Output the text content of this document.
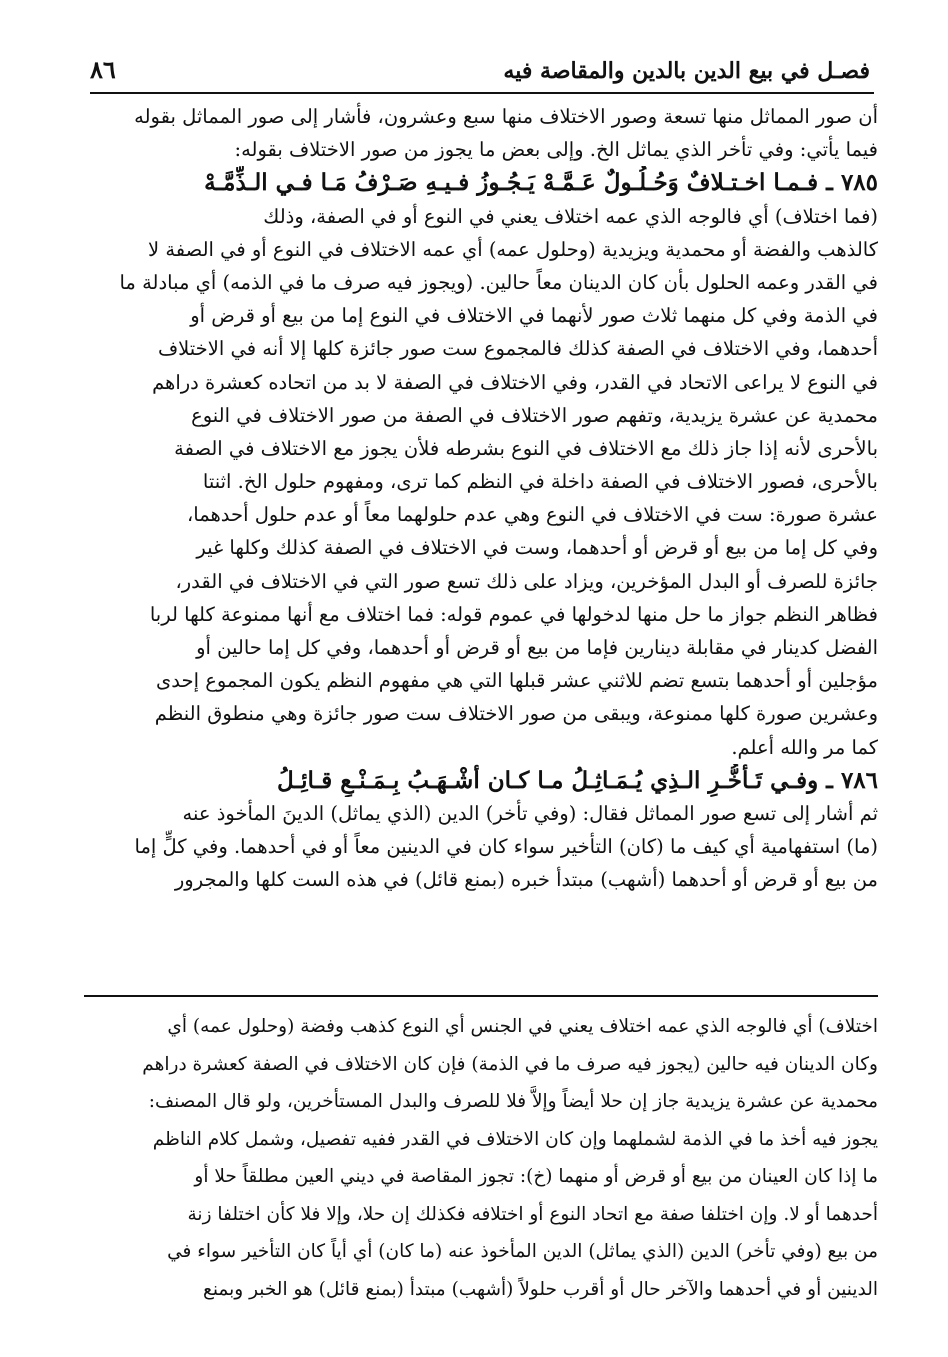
فصـل في بيع الدين بالدين والمقاصة فيه
٨٦
أن صور المماثل منها تسعة وصور الاختلاف منها سبع وعشرون، فأشار إلى صور المماثل بقوله
فيما يأتي: وفي تأخر الذي يماثل الخ. وإلى بعض ما يجوز من صور الاختلاف بقوله:
٧٨٥ ـ فـمـا اخـتـلافٌ وَحُـلُـولٌ عَـمَّـهْ يَـجُـوزُ فـيـهِ صَـرْفُ مَـا فـي الـذِّمَّـهْ
(فما اختلاف) أي فالوجه الذي عمه اختلاف يعني في النوع أو في الصفة، وذلك
كالذهب والفضة أو محمدية ويزيدية (وحلول عمه) أي عمه الاختلاف في النوع أو في الصفة لا
في القدر وعمه الحلول بأن كان الدينان معاً حالين. (ويجوز فيه صرف ما في الذمه) أي مبادلة ما
في الذمة وفي كل منهما ثلاث صور لأنهما في الاختلاف في النوع إما من بيع أو قرض أو
أحدهما، وفي الاختلاف في الصفة كذلك فالمجموع ست صور جائزة كلها إلا أنه في الاختلاف
في النوع لا يراعى الاتحاد في القدر، وفي الاختلاف في الصفة لا بد من اتحاده كعشرة دراهم
محمدية عن عشرة يزيدية، وتفهم صور الاختلاف في الصفة من صور الاختلاف في النوع
بالأحرى لأنه إذا جاز ذلك مع الاختلاف في النوع بشرطه فلأن يجوز مع الاختلاف في الصفة
بالأحرى، فصور الاختلاف في الصفة داخلة في النظم كما ترى، ومفهوم حلول الخ. اثنتا
عشرة صورة: ست في الاختلاف في النوع وهي عدم حلولهما معاً أو عدم حلول أحدهما،
وفي كل إما من بيع أو قرض أو أحدهما، وست في الاختلاف في الصفة كذلك وكلها غير
جائزة للصرف أو البدل المؤخرين، ويزاد على ذلك تسع صور التي في الاختلاف في القدر،
فظاهر النظم جواز ما حل منها لدخولها في عموم قوله: فما اختلاف مع أنها ممنوعة كلها لربا
الفضل كدينار في مقابلة دينارين فإما من بيع أو قرض أو أحدهما، وفي كل إما حالين أو
مؤجلين أو أحدهما بتسع تضم للاثني عشر قبلها التي هي مفهوم النظم يكون المجموع إحدى
وعشرين صورة كلها ممنوعة، ويبقى من صور الاختلاف ست صور جائزة وهي منطوق النظم
كما مر والله أعلم.
٧٨٦ ـ وفـي تَـأَخُّـرِ الـذِي يُـمَـاثِـلُ مـا كـان أشْـهَـبُ بِـمَـنْـعٍ قـائِـلُ
ثم أشار إلى تسع صور المماثل فقال: (وفي تأخر) الدين (الذي يماثل) الدينَ المأخوذ عنه
(ما) استفهامية أي كيف ما (كان) التأخير سواء كان في الدينين معاً أو في أحدهما. وفي كلٍّ إما
من بيع أو قرض أو أحدهما (أشهب) مبتدأ خبره (بمنع قائل) في هذه الست كلها والمجرور
اختلاف) أي فالوجه الذي عمه اختلاف يعني في الجنس أي النوع كذهب وفضة (وحلول عمه) أي
وكان الدينان فيه حالين (يجوز فيه صرف ما في الذمة) فإن كان الاختلاف في الصفة كعشرة دراهم
محمدية عن عشرة يزيدية جاز إن حلا أيضاً وإلاَّ فلا للصرف والبدل المستأخرين، ولو قال المصنف:
يجوز فيه أخذ ما في الذمة لشملهما وإن كان الاختلاف في القدر ففيه تفصيل، وشمل كلام الناظم
ما إذا كان العينان من بيع أو قرض أو منهما (خ): تجوز المقاصة في ديني العين مطلقاً حلا أو
أحدهما أو لا. وإن اختلفا صفة مع اتحاد النوع أو اختلافه فكذلك إن حلا، وإلا فلا كأن اختلفا زنة
من بيع (وفي تأخر) الدين (الذي يماثل) الدين المأخوذ عنه (ما كان) أي أياً كان التأخير سواء في
الدينين أو في أحدهما والآخر حال أو أقرب حلولاً (أشهب) مبتدأ (بمنع قائل) هو الخبر وبمنع
